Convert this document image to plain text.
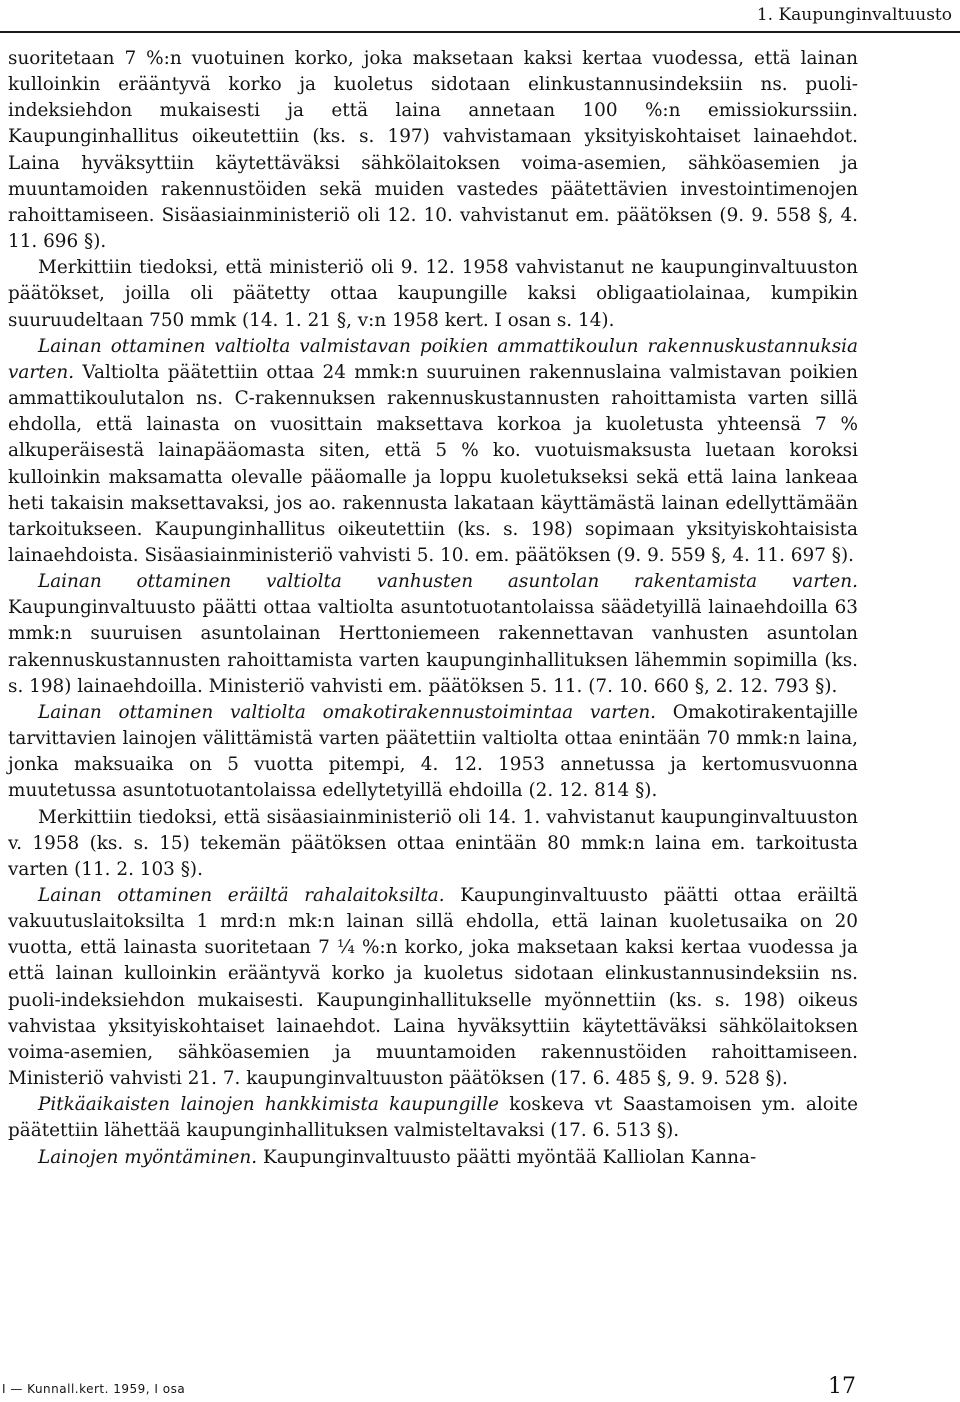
1. Kaupunginvaltuusto

suoritetaan 7 %:n vuotuinen korko, joka maksetaan kaksi kertaa vuodessa, että lainan kulloinkin erääntyvä korko ja kuoletus sidotaan elinkustannusindeksiin ns. puoli-indeksiehdon mukaisesti ja että laina annetaan 100 %:n emissiokurssiin. Kaupunginhallitus oikeutettiin (ks. s. 197) vahvistamaan yksityiskohtaiset lainaehdot. Laina hyväksyttiin käytettäväksi sähkölaitoksen voima-asemien, sähköasemien ja muuntamoiden rakennustöiden sekä muiden vastedes päätettävien investointimenojen rahoittamiseen. Sisäasiainministeriö oli 12. 10. vahvistanut em. päätöksen (9. 9. 558 §, 4. 11. 696 §).

Merkittiin tiedoksi, että ministeriö oli 9. 12. 1958 vahvistanut ne kaupunginvaltuuston päätökset, joilla oli päätetty ottaa kaupungille kaksi obligaatiolainaa, kumpikin suuruudeltaan 750 mmk (14. 1. 21 §, v:n 1958 kert. I osan s. 14).

Lainan ottaminen valtiolta valmistavan poikien ammattikoulun rakennuskustannuksia varten. Valtiolta päätettiin ottaa 24 mmk:n suuruinen rakennuslaina valmistavan poikien ammattikoulutalon ns. C-rakennuksen rakennuskustannusten rahoittamista varten sillä ehdolla, että lainasta on vuosittain maksettava korkoa ja kuoletusta yhteensä 7 % alkuperäisestä lainapääomasta siten, että 5 % ko. vuotuismaksusta luetaan koroksi kulloinkin maksamatta olevalle pääomalle ja loppu kuoletukseksi sekä että laina lankeaa heti takaisin maksettavaksi, jos ao. rakennusta lakataan käyttämästä lainan edellyttämään tarkoitukseen. Kaupunginhallitus oikeutettiin (ks. s. 198) sopimaan yksityiskohtaisista lainaehdoista. Sisäasiainministeriö vahvisti 5. 10. em. päätöksen (9. 9. 559 §, 4. 11. 697 §).

Lainan ottaminen valtiolta vanhusten asuntolan rakentamista varten. Kaupunginvaltuusto päätti ottaa valtiolta asuntotuotantolaissa säädetyillä lainaehdoilla 63 mmk:n suuruisen asuntolainan Herttoniemeen rakennettavan vanhusten asuntolan rakennuskustannusten rahoittamista varten kaupunginhallituksen lähemmin sopimilla (ks. s. 198) lainaehdoilla. Ministeriö vahvisti em. päätöksen 5. 11. (7. 10. 660 §, 2. 12. 793 §).

Lainan ottaminen valtiolta omakotirakennustoimintaa varten. Omakotirakentajille tarvittavien lainojen välittämistä varten päätettiin valtiolta ottaa enintään 70 mmk:n laina, jonka maksuaika on 5 vuotta pitempi, 4. 12. 1953 annetussa ja kertomusvuonna muutetussa asuntotuotantolaissa edellytetyillä ehdoilla (2. 12. 814 §).

Merkittiin tiedoksi, että sisäasiainministeriö oli 14. 1. vahvistanut kaupunginvaltuuston v. 1958 (ks. s. 15) tekemän päätöksen ottaa enintään 80 mmk:n laina em. tarkoitusta varten (11. 2. 103 §).

Lainan ottaminen eräiltä rahalaitoksilta. Kaupunginvaltuusto päätti ottaa eräiltä vakuutuslaitoksilta 1 mrd:n mk:n lainan sillä ehdolla, että lainan kuoletusaika on 20 vuotta, että lainasta suoritetaan 7 ¼ %:n korko, joka maksetaan kaksi kertaa vuodessa ja että lainan kulloinkin erääntyvä korko ja kuoletus sidotaan elinkustannusindeksiin ns. puoli-indeksiehdon mukaisesti. Kaupunginhallitukselle myönnettiin (ks. s. 198) oikeus vahvistaa yksityiskohtaiset lainaehdot. Laina hyväksyttiin käytettäväksi sähkölaitoksen voima-asemien, sähköasemien ja muuntamoiden rakennustöiden rahoittamiseen. Ministeriö vahvisti 21. 7. kaupunginvaltuuston päätöksen (17. 6. 485 §, 9. 9. 528 §).

Pitkäaikaisten lainojen hankkimista kaupungille koskeva vt Saastamoisen ym. aloite päätettiin lähettää kaupunginhallituksen valmisteltavaksi (17. 6. 513 §).

Lainojen myöntäminen. Kaupunginvaltuusto päätti myöntää Kalliolan Kanna-

I — Kunnall.kert. 1959, I osa	17
